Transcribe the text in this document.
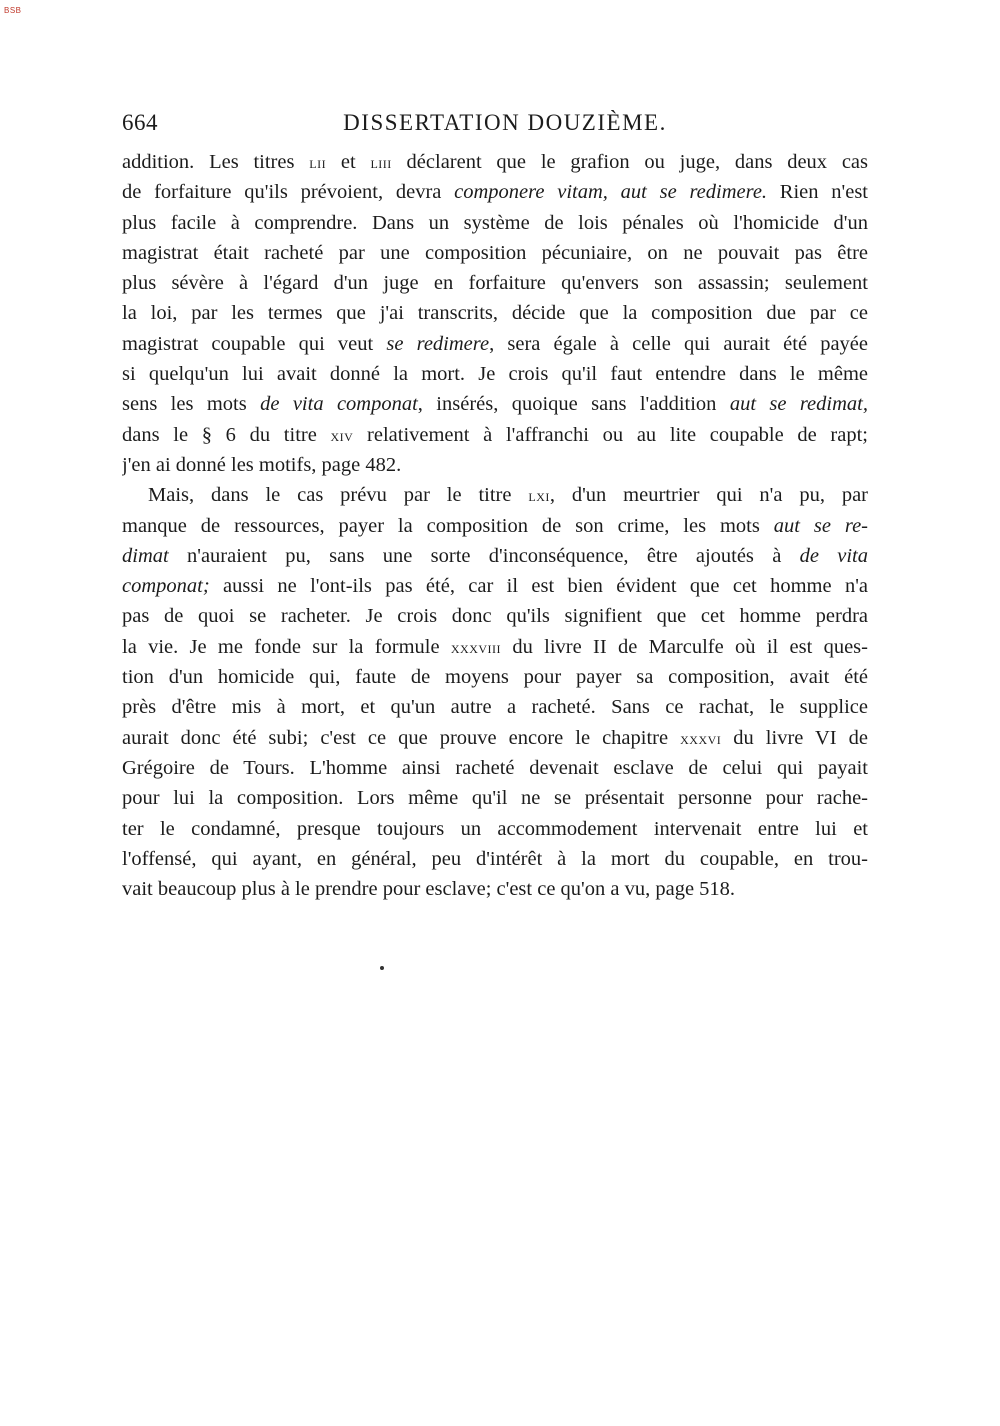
BSB
664	DISSERTATION DOUZIÈME.
addition. Les titres lii et liii déclarent que le grafion ou juge, dans deux cas
de forfaiture qu'ils prévoient, devra componere vitam, aut se redimere. Rien n'est
plus facile à comprendre. Dans un système de lois pénales où l'homicide d'un
magistrat était racheté par une composition pécuniaire, on ne pouvait pas être
plus sévère à l'égard d'un juge en forfaiture qu'envers son assassin; seulement
la loi, par les termes que j'ai transcrits, décide que la composition due par ce
magistrat coupable qui veut se redimere, sera égale à celle qui aurait été payée
si quelqu'un lui avait donné la mort. Je crois qu'il faut entendre dans le même
sens les mots de vita componat, insérés, quoique sans l'addition aut se redimat,
dans le § 6 du titre xiv relativement à l'affranchi ou au lite coupable de rapt;
j'en ai donné les motifs, page 482.
Mais, dans le cas prévu par le titre lxi, d'un meurtrier qui n'a pu, par
manque de ressources, payer la composition de son crime, les mots aut se re-
dimat n'auraient pu, sans une sorte d'inconséquence, être ajoutés à de vita
componat; aussi ne l'ont-ils pas été, car il est bien évident que cet homme n'a
pas de quoi se racheter. Je crois donc qu'ils signifient que cet homme perdra
la vie. Je me fonde sur la formule xxxviii du livre II de Marculfe où il est ques-
tion d'un homicide qui, faute de moyens pour payer sa composition, avait été
près d'être mis à mort, et qu'un autre a racheté. Sans ce rachat, le supplice
aurait donc été subi; c'est ce que prouve encore le chapitre xxxvi du livre VI de
Grégoire de Tours. L'homme ainsi racheté devenait esclave de celui qui payait
pour lui la composition. Lors même qu'il ne se présentait personne pour rache-
ter le condamné, presque toujours un accommodement intervenait entre lui et
l'offensé, qui ayant, en général, peu d'intérêt à la mort du coupable, en trou-
vait beaucoup plus à le prendre pour esclave; c'est ce qu'on a vu, page 518.
